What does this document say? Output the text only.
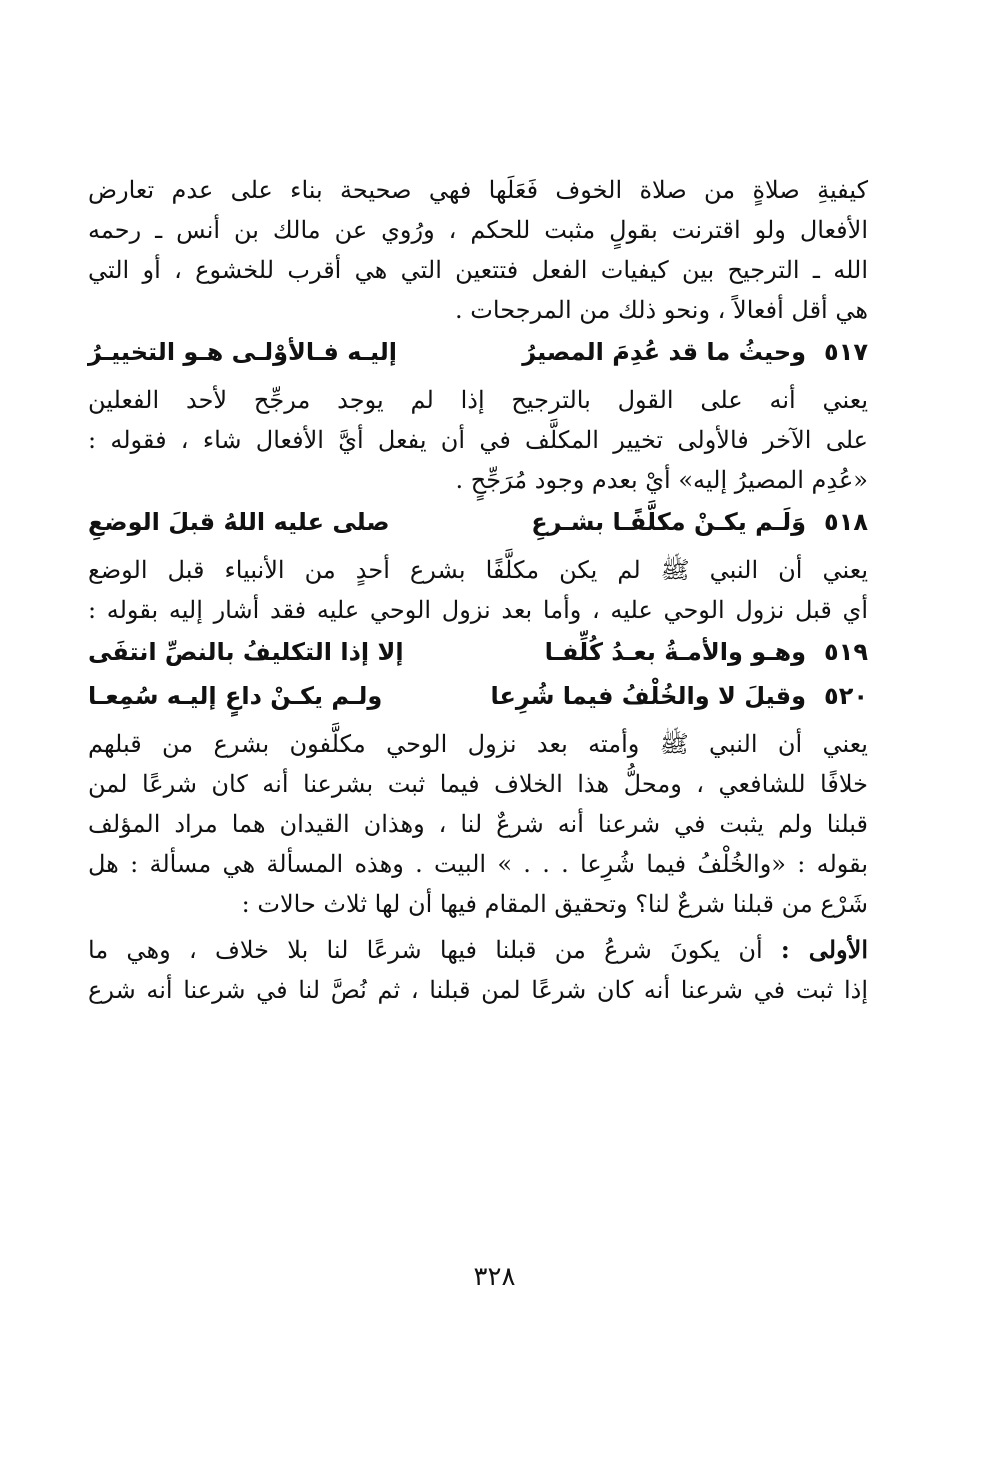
كيفيةِ صلاةٍ من صلاة الخوف فَعَلَها فهي صحيحة بناء على عدم تعارض
الأفعال ولو اقترنت بقولٍ مثبت للحكم ، ورُوي عن مالك بن أنس ـ رحمه
الله ـ الترجيح بين كيفيات الفعل فتتعين التي هي أقرب للخشوع ، أو التي
هي أقل أفعالاً ، ونحو ذلك من المرجحات .
٥١٧
وحيثُ ما قد عُدِمَ المصيرُ
إليـه فـالأوْلـى هـو التخييـرُ
يعني أنه على القول بالترجيح إذا لم يوجد مرجِّح لأحد الفعلين
على الآخر فالأولى تخيير المكلَّف في أن يفعل أيَّ الأفعال شاء ، فقوله :
«عُدِم المصيرُ إليه» أيْ بعدم وجود مُرَجِّحٍ .
٥١٨
وَلَـم يكـنْ مكلَّفًـا بشـرعِ
صلى عليه اللهُ قبلَ الوضعِ
يعني أن النبي ﷺ لم يكن مكلَّفًا بشرع أحدٍ من الأنبياء قبل الوضع
أي قبل نزول الوحي عليه ، وأما بعد نزول الوحي عليه فقد أشار إليه بقوله :
٥١٩
وهـو والأمـةُ بعـدُ كُلِّفـا
إلا إذا التكليفُ بالنصِّ انتفَى
٥٢٠
وقيلَ لا والخُلْفُ فيما شُرِعا
ولـم يكـنْ داعٍ إليـه سُمِعـا
يعني أن النبي ﷺ وأمته بعد نزول الوحي مكلَّفون بشرع من قبلهم
خلافًا للشافعي ، ومحلُّ هذا الخلاف فيما ثبت بشرعنا أنه كان شرعًا لمن
قبلنا ولم يثبت في شرعنا أنه شرعٌ لنا ، وهذان القيدان هما مراد المؤلف
بقوله : «والخُلْفُ فيما شُرِعا . . . » البيت . وهذه المسألة هي مسألة : هل
شَرْع من قبلنا شرعٌ لنا؟ وتحقيق المقام فيها أن لها ثلاث حالات :
الأولى : أن يكونَ شرعُ من قبلنا فيها شرعًا لنا بلا خلاف ، وهي ما
إذا ثبت في شرعنا أنه كان شرعًا لمن قبلنا ، ثم نُصَّ لنا في شرعنا أنه شرع
٣٢٨
